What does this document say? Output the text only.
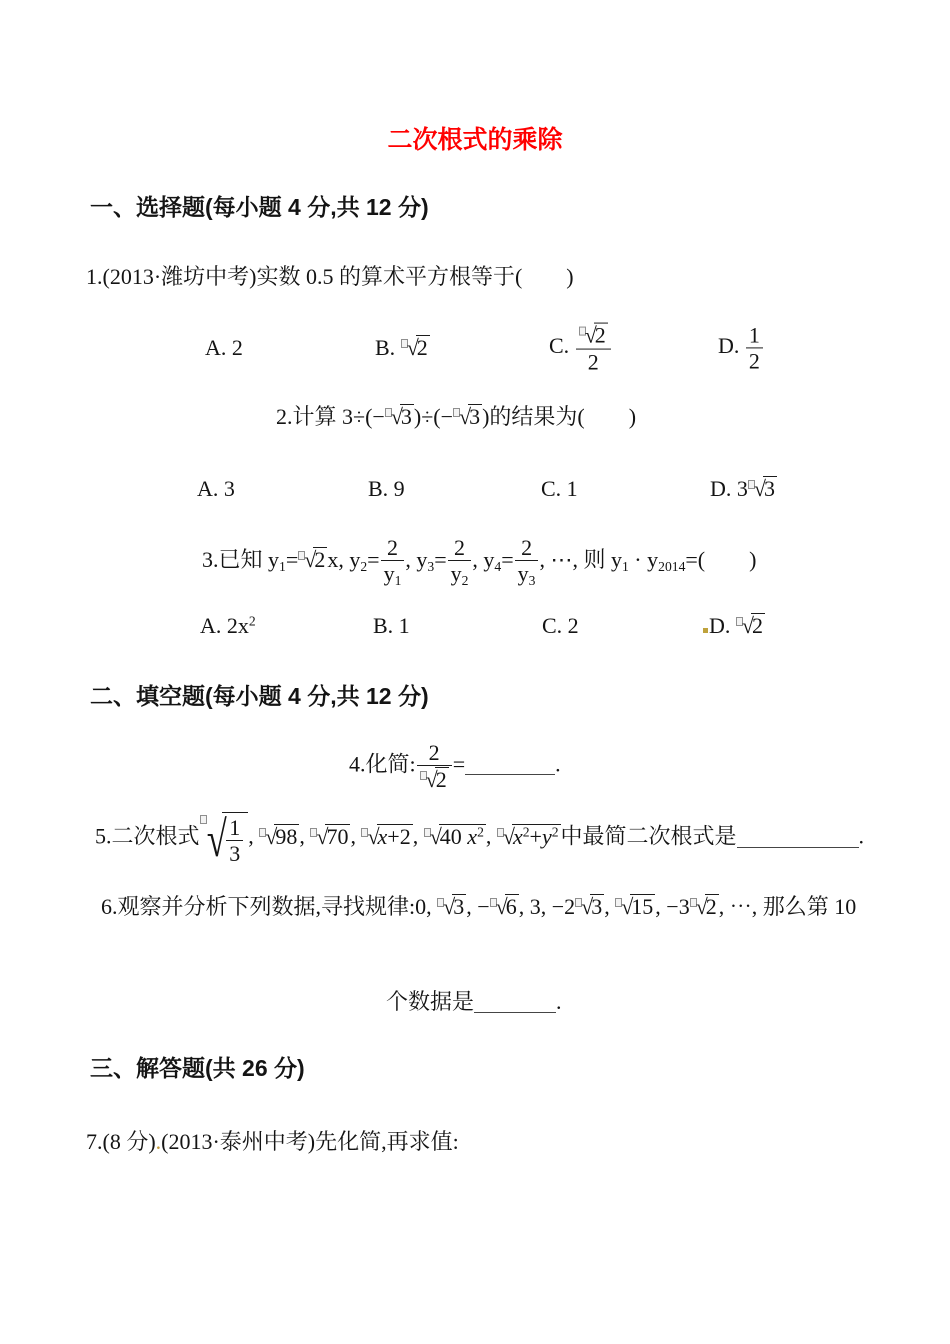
二次根式的乘除
一、选择题(每小题 4 分,共 12 分)
1.(2013·潍坊中考)实数 0.5 的算术平方根等于(　　)
A. 2	B. √2	C. $\frac{√2}{2}$	D. $\frac{1}{2}$
2.计算 3÷(− √3)÷(− √3)的结果为(　　)
A. 3	B. 9	C. 1	D. 3 √3
3.已知 y1= √2x, $y2= \frac{2}{y1}$ , $y3= \frac{2}{y2}$ , $y4= \frac{2}{y3}$ , ⋯, 则 y1 · y2014=(　　)
A. $2x^2$	B. 1	C. 2	D. √2
二、填空题(每小题 4 分,共 12 分)
4.化简: $\frac{2}{√2}$ =	.
5.二次根式 √ $\frac{1}{3}$ , √98, √70, √x+2, √40 $x^2$, $√x^2+y^2$中最简二次根式是	.
6.观察并分析下列数据,寻找规律:0, √3, − √6, 3, −2 √3, √15, −3 √2, ⋯, 那么第 10
个数据是	.
三、解答题(共 26 分)
7.(8 分).(2013·泰州中考)先化简,再求值:
